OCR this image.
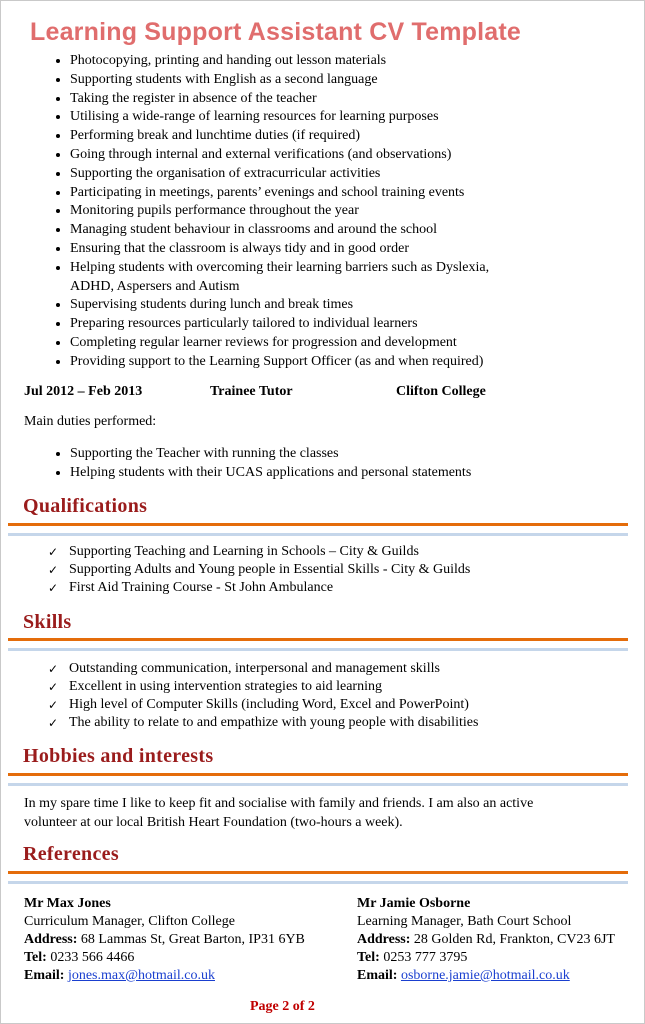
Learning Support Assistant CV Template
• Photocopying, printing and handing out lesson materials
• Supporting students with English as a second language
• Taking the register in absence of the teacher
• Utilising a wide-range of learning resources for learning purposes
• Performing break and lunchtime duties (if required)
• Going through internal and external verifications (and observations)
• Supporting the organisation of extracurricular activities
• Participating in meetings, parents’ evenings and school training events
• Monitoring pupils performance throughout the year
• Managing student behaviour in classrooms and around the school
• Ensuring that the classroom is always tidy and in good order
• Helping students with overcoming their learning barriers such as Dyslexia, ADHD, Aspersers and Autism
• Supervising students during lunch and break times
• Preparing resources particularly tailored to individual learners
• Completing regular learner reviews for progression and development
• Providing support to the Learning Support Officer (as and when required)
Jul 2012 – Feb 2013	Trainee Tutor	Clifton College
Main duties performed:
• Supporting the Teacher with running the classes
• Helping students with their UCAS applications and personal statements
Qualifications
✓ Supporting Teaching and Learning in Schools – City & Guilds
✓ Supporting Adults and Young people in Essential Skills - City & Guilds
✓ First Aid Training Course - St John Ambulance
Skills
✓ Outstanding communication, interpersonal and management skills
✓ Excellent in using intervention strategies to aid learning
✓ High level of Computer Skills (including Word, Excel and PowerPoint)
✓ The ability to relate to and empathize with young people with disabilities
Hobbies and interests
In my spare time I like to keep fit and socialise with family and friends. I am also an active volunteer at our local British Heart Foundation (two-hours a week).
References
Mr Max Jones
Curriculum Manager, Clifton College
Address: 68 Lammas St, Great Barton, IP31 6YB
Tel: 0233 566 4466
Email: jones.max@hotmail.co.uk
Mr Jamie Osborne
Learning Manager, Bath Court School
Address: 28 Golden Rd, Frankton, CV23 6JT
Tel: 0253 777 3795
Email: osborne.jamie@hotmail.co.uk
Page 2 of 2
